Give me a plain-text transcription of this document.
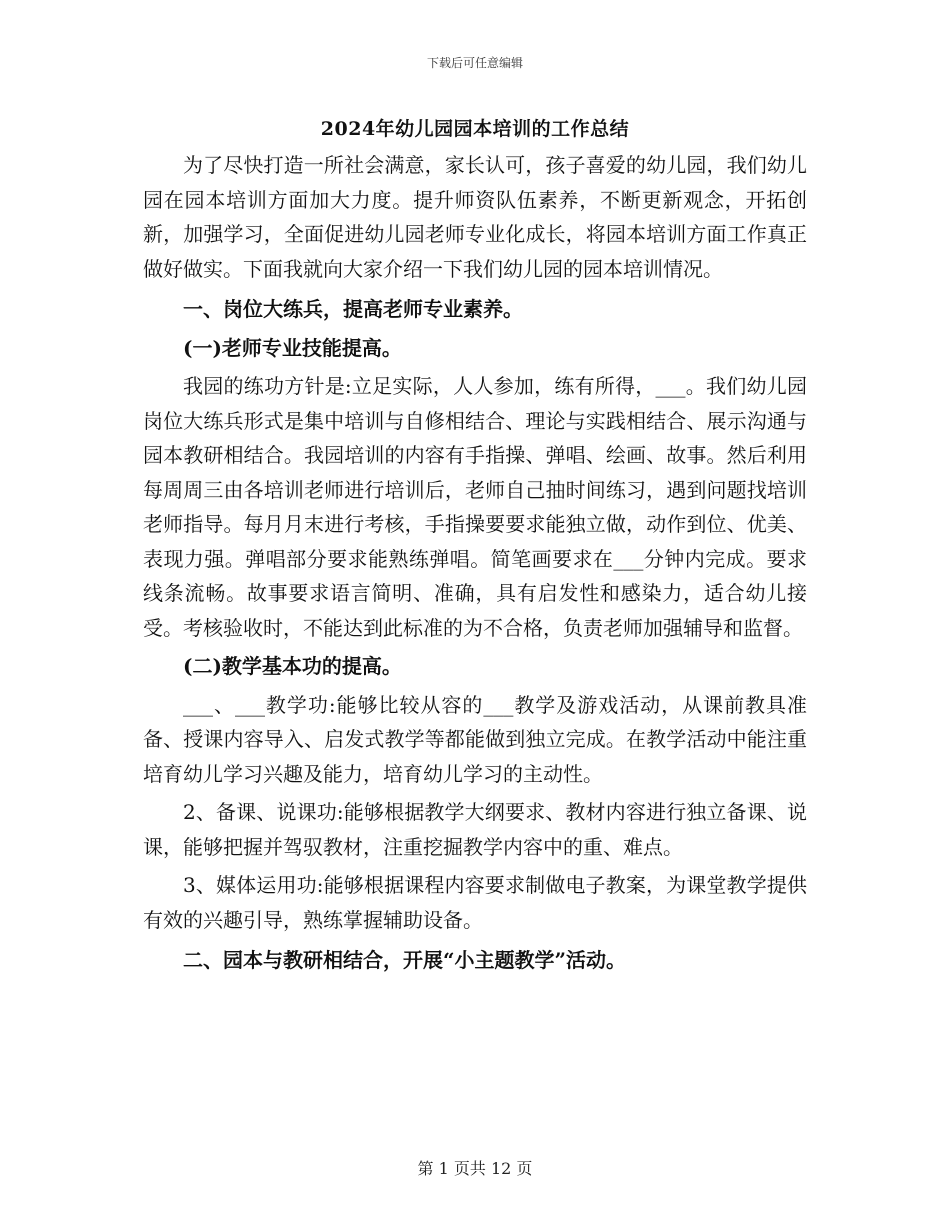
下载后可任意编辑
2024年幼儿园园本培训的工作总结

为了尽快打造一所社会满意，家长认可，孩子喜爱的幼儿园，我们幼儿园在园本培训方面加大力度。提升师资队伍素养，不断更新观念，开拓创新，加强学习，全面促进幼儿园老师专业化成长，将园本培训方面工作真正做好做实。下面我就向大家介绍一下我们幼儿园的园本培训情况。

一、岗位大练兵，提高老师专业素养。

(一)老师专业技能提高。

我园的练功方针是:立足实际，人人参加，练有所得，___。我们幼儿园岗位大练兵形式是集中培训与自修相结合、理论与实践相结合、展示沟通与园本教研相结合。我园培训的内容有手指操、弹唱、绘画、故事。然后利用每周周三由各培训老师进行培训后，老师自己抽时间练习，遇到问题找培训老师指导。每月月末进行考核，手指操要要求能独立做，动作到位、优美、表现力强。弹唱部分要求能熟练弹唱。简笔画要求在___分钟内完成。要求线条流畅。故事要求语言简明、准确，具有启发性和感染力，适合幼儿接受。考核验收时，不能达到此标准的为不合格，负责老师加强辅导和监督。

(二)教学基本功的提高。

___、___教学功:能够比较从容的___教学及游戏活动，从课前教具准备、授课内容导入、启发式教学等都能做到独立完成。在教学活动中能注重培育幼儿学习兴趣及能力，培育幼儿学习的主动性。

2、备课、说课功:能够根据教学大纲要求、教材内容进行独立备课、说课，能够把握并驾驭教材，注重挖掘教学内容中的重、难点。

3、媒体运用功:能够根据课程内容要求制做电子教案，为课堂教学提供有效的兴趣引导，熟练掌握辅助设备。

二、园本与教研相结合，开展“小主题教学”活动。

第 1 页共 12 页
